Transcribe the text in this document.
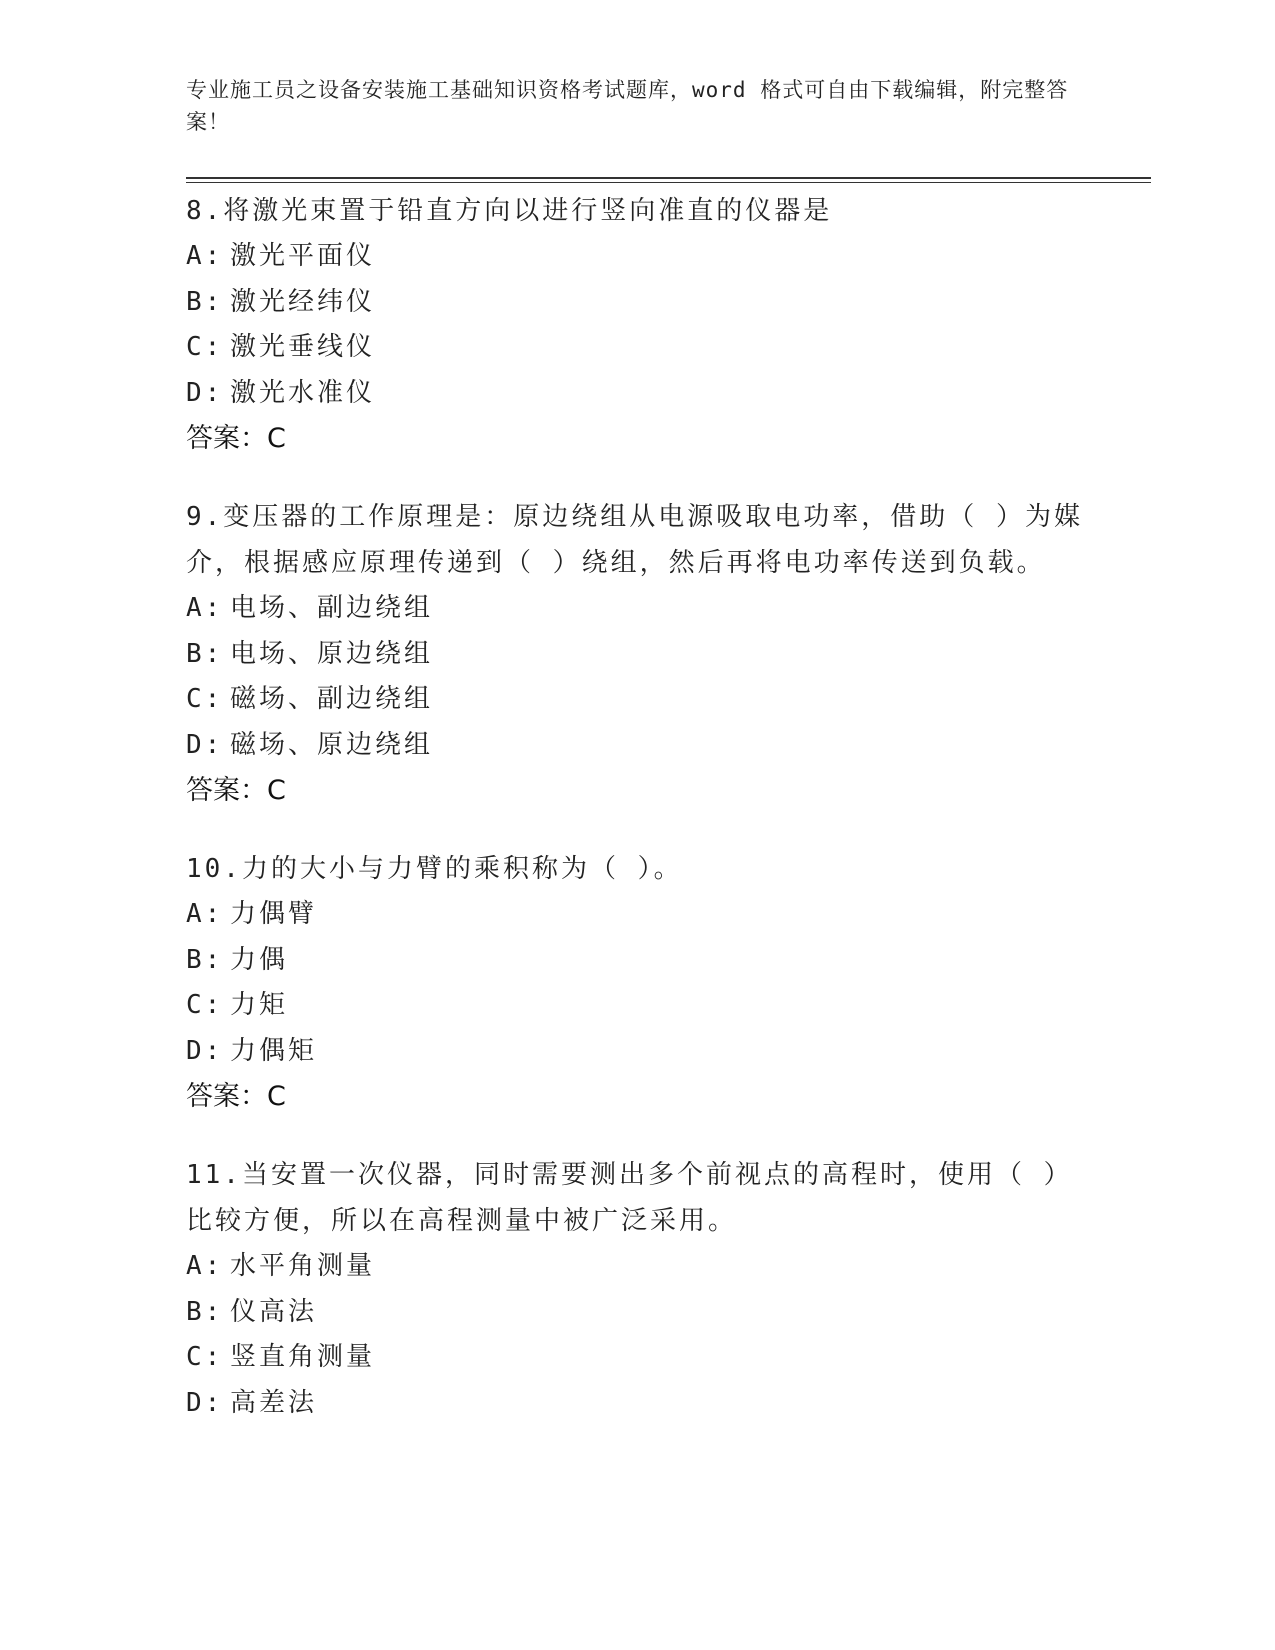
专业施工员之设备安装施工基础知识资格考试题库，word 格式可自由下载编辑，附完整答案！

8.将激光束置于铅直方向以进行竖向准直的仪器是

A: 激光平面仪

B: 激光经纬仪

C: 激光垂线仪

D: 激光水准仪

答案：C

9.变压器的工作原理是：原边绕组从电源吸取电功率，借助（ ）为媒介，根据感应原理传递到（ ）绕组，然后再将电功率传送到负载。

A: 电场、副边绕组

B: 电场、原边绕组

C: 磁场、副边绕组

D: 磁场、原边绕组

答案：C

10.力的大小与力臂的乘积称为（ ）。

A: 力偶臂

B: 力偶

C: 力矩

D: 力偶矩

答案：C

11.当安置一次仪器，同时需要测出多个前视点的高程时，使用（ ）比较方便，所以在高程测量中被广泛采用。

A: 水平角测量

B: 仪高法

C: 竖直角测量

D: 高差法
